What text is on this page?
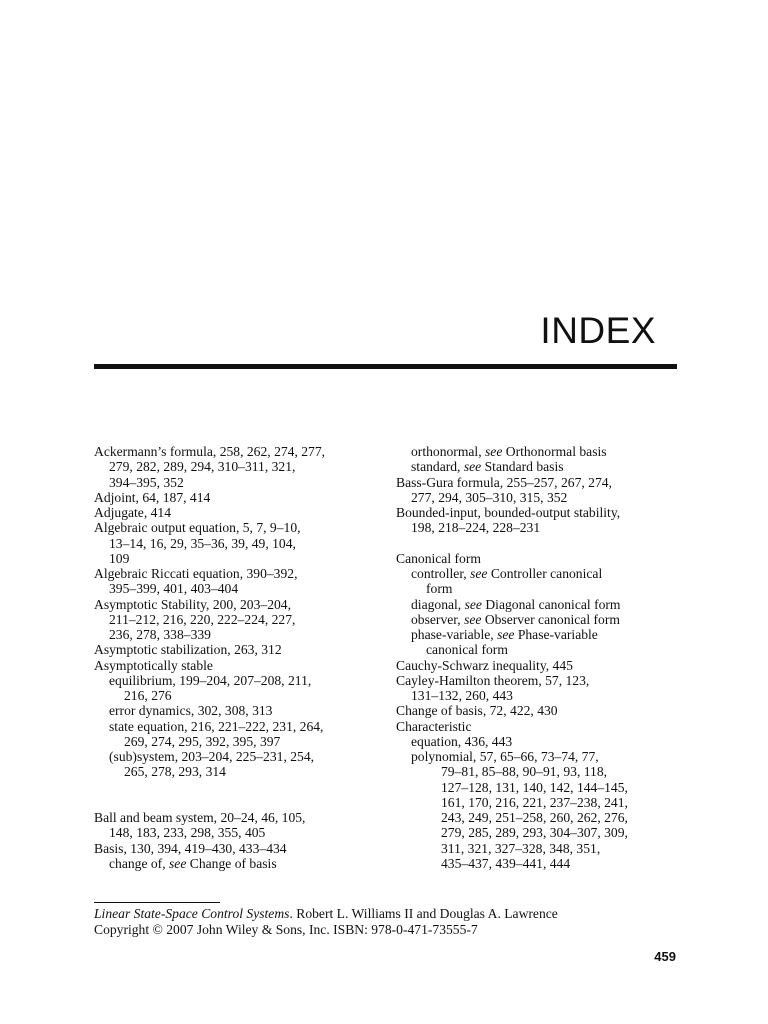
INDEX
Ackermann’s formula, 258, 262, 274, 277,
279, 282, 289, 294, 310–311, 321,
394–395, 352
Adjoint, 64, 187, 414
Adjugate, 414
Algebraic output equation, 5, 7, 9–10,
13–14, 16, 29, 35–36, 39, 49, 104,
109
Algebraic Riccati equation, 390–392,
395–399, 401, 403–404
Asymptotic Stability, 200, 203–204,
211–212, 216, 220, 222–224, 227,
236, 278, 338–339
Asymptotic stabilization, 263, 312
Asymptotically stable
equilibrium, 199–204, 207–208, 211,
216, 276
error dynamics, 302, 308, 313
state equation, 216, 221–222, 231, 264,
269, 274, 295, 392, 395, 397
(sub)system, 203–204, 225–231, 254,
265, 278, 293, 314
Ball and beam system, 20–24, 46, 105,
148, 183, 233, 298, 355, 405
Basis, 130, 394, 419–430, 433–434
change of, see Change of basis
orthonormal, see Orthonormal basis
standard, see Standard basis
Bass-Gura formula, 255–257, 267, 274,
277, 294, 305–310, 315, 352
Bounded-input, bounded-output stability,
198, 218–224, 228–231
Canonical form
controller, see Controller canonical
form
diagonal, see Diagonal canonical form
observer, see Observer canonical form
phase-variable, see Phase-variable
canonical form
Cauchy-Schwarz inequality, 445
Cayley-Hamilton theorem, 57, 123,
131–132, 260, 443
Change of basis, 72, 422, 430
Characteristic
equation, 436, 443
polynomial, 57, 65–66, 73–74, 77,
79–81, 85–88, 90–91, 93, 118,
127–128, 131, 140, 142, 144–145,
161, 170, 216, 221, 237–238, 241,
243, 249, 251–258, 260, 262, 276,
279, 285, 289, 293, 304–307, 309,
311, 321, 327–328, 348, 351,
435–437, 439–441, 444
Linear State-Space Control Systems. Robert L. Williams II and Douglas A. Lawrence
Copyright © 2007 John Wiley & Sons, Inc. ISBN: 978-0-471-73555-7
459
